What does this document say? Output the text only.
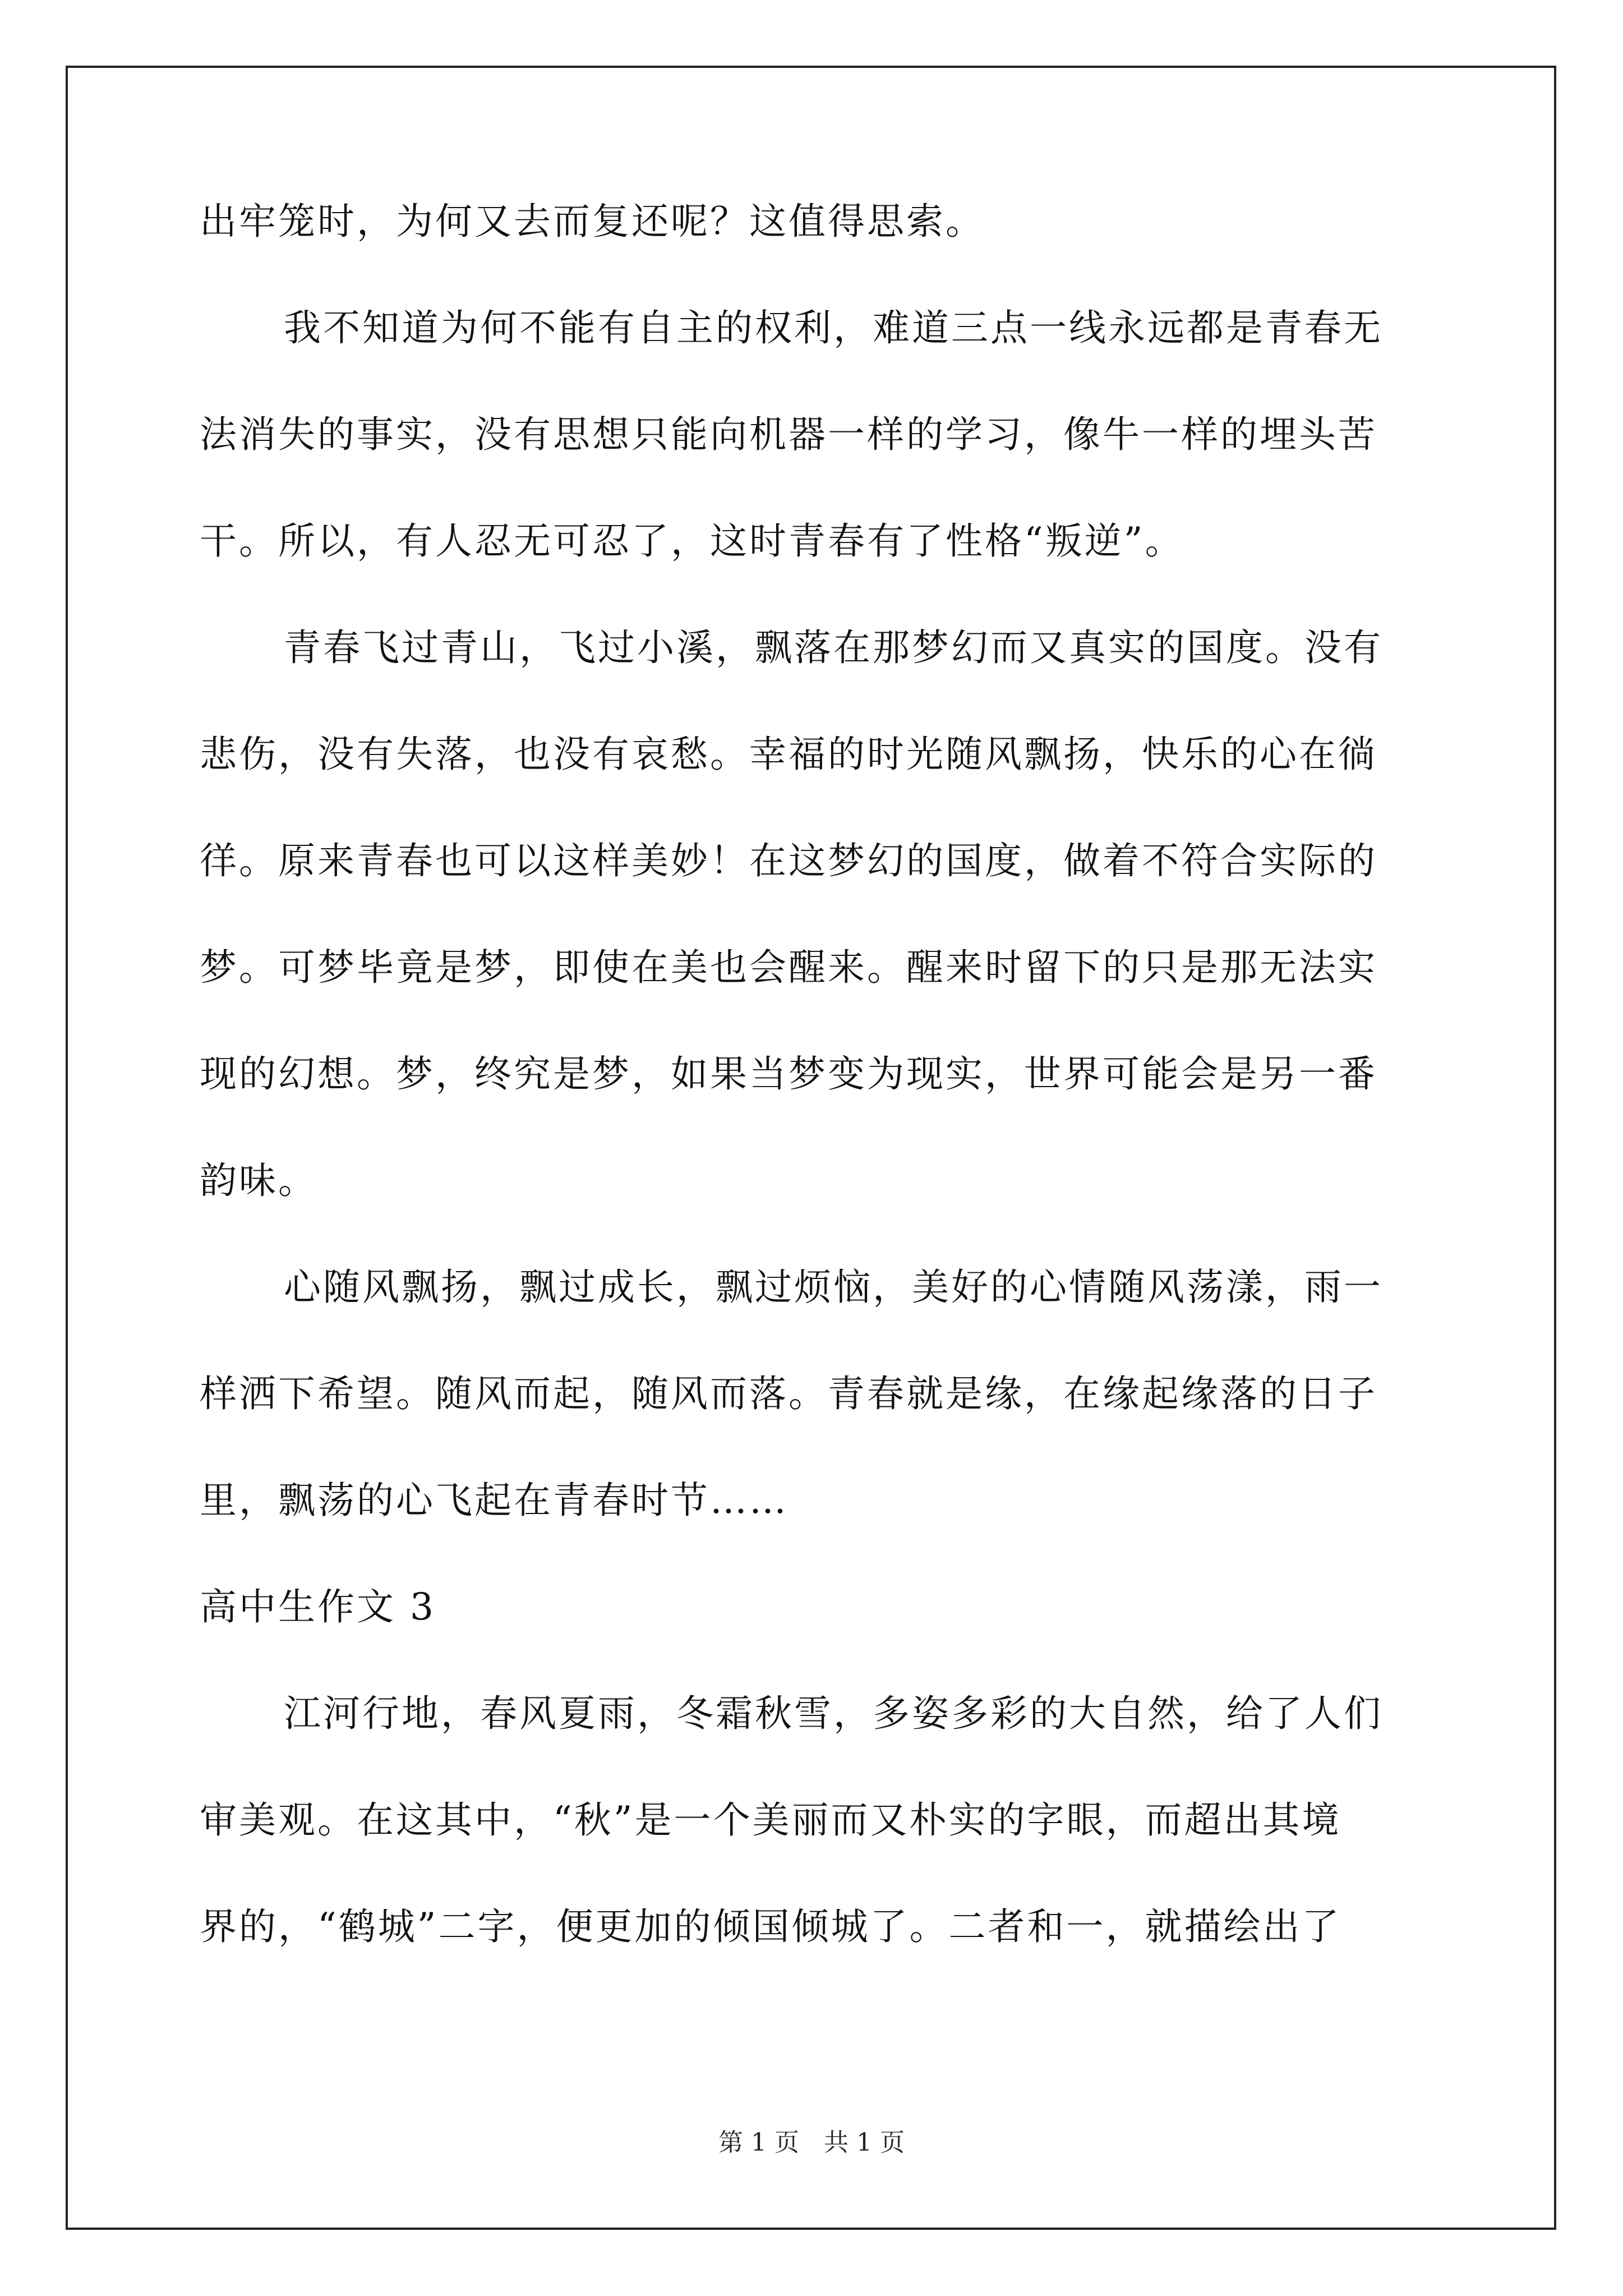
出牢笼时，为何又去而复还呢？这值得思索。
我不知道为何不能有自主的权利，难道三点一线永远都是青春无
法消失的事实，没有思想只能向机器一样的学习，像牛一样的埋头苦
干。所以，有人忍无可忍了，这时青春有了性格“叛逆”。
青春飞过青山，飞过小溪，飘落在那梦幻而又真实的国度。没有
悲伤，没有失落，也没有哀愁。幸福的时光随风飘扬，快乐的心在徜
徉。原来青春也可以这样美妙！在这梦幻的国度，做着不符合实际的
梦。可梦毕竟是梦，即使在美也会醒来。醒来时留下的只是那无法实
现的幻想。梦，终究是梦，如果当梦变为现实，世界可能会是另一番
韵味。
心随风飘扬，飘过成长，飘过烦恼，美好的心情随风荡漾，雨一
样洒下希望。随风而起，随风而落。青春就是缘，在缘起缘落的日子
里，飘荡的心飞起在青春时节……
高中生作文 3
江河行地，春风夏雨，冬霜秋雪，多姿多彩的大自然，给了人们
审美观。在这其中，“秋”是一个美丽而又朴实的字眼，而超出其境
界的，“鹤城”二字，便更加的倾国倾城了。二者和一，就描绘出了
第 1 页　共 1 页
